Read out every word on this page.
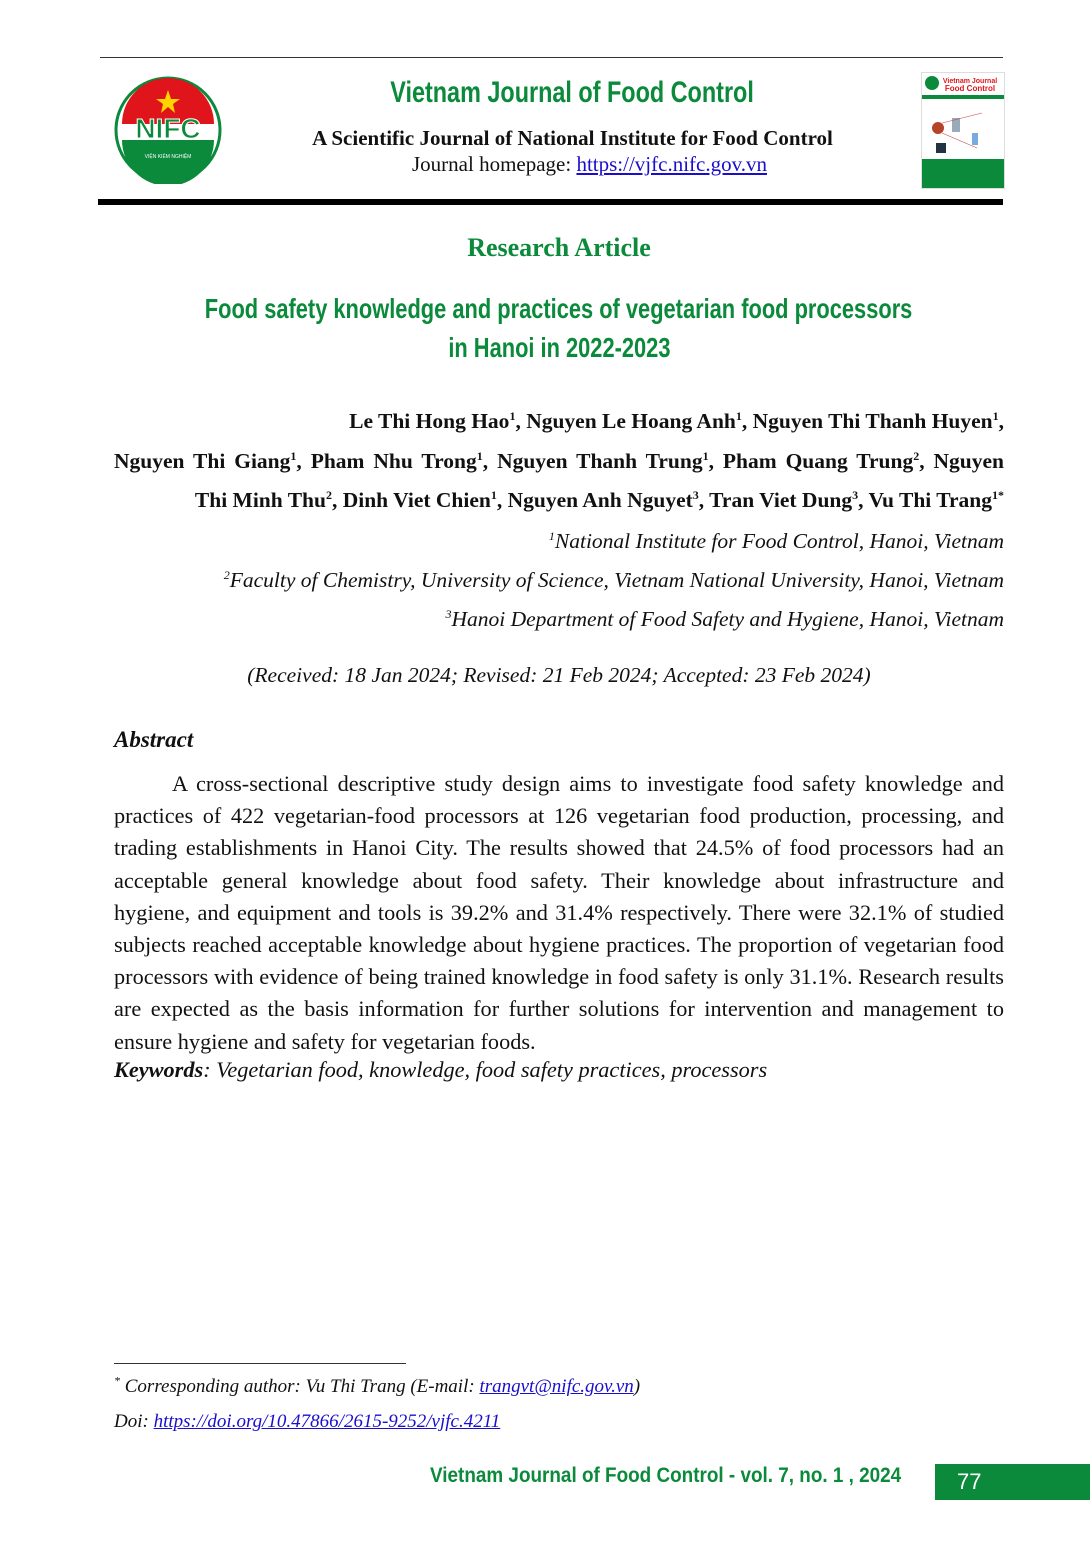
NIFC
VIỆN KIỂM NGHIỆM
Vietnam Journal of Food Control
A Scientific Journal of National Institute for Food Control
Journal homepage: https://vjfc.nifc.gov.vn
Vietnam Journal
Food Control
Research Article
Food safety knowledge and practices of vegetarian food processors
in Hanoi in 2022-2023
Le Thi Hong Hao$^1$, Nguyen Le Hoang Anh$^1$, Nguyen Thi Thanh Huyen$^1$,
Nguyen Thi Giang$^1$, Pham Nhu Trong$^1$, Nguyen Thanh Trung$^1$, Pham Quang Trung$^2$, Nguyen
Thi Minh Thu$^2$, Dinh Viet Chien$^1$, Nguyen Anh Nguyet$^3$, Tran Viet Dung$^3$, Vu Thi Trang$^{1*}$
$^1$National Institute for Food Control, Hanoi, Vietnam
$^2$Faculty of Chemistry, University of Science, Vietnam National University, Hanoi, Vietnam
$^3$Hanoi Department of Food Safety and Hygiene, Hanoi, Vietnam
(Received: 18 Jan 2024; Revised: 21 Feb 2024; Accepted: 23 Feb 2024)
Abstract

A cross-sectional descriptive study design aims to investigate food safety knowledge and practices of 422 vegetarian-food processors at 126 vegetarian food production, processing, and trading establishments in Hanoi City. The results showed that 24.5% of food processors had an acceptable general knowledge about food safety. Their knowledge about infrastructure and hygiene, and equipment and tools is 39.2% and 31.4% respectively. There were 32.1% of studied subjects reached acceptable knowledge about hygiene practices. The proportion of vegetarian food processors with evidence of being trained knowledge in food safety is only 31.1%. Research results are expected as the basis information for further solutions for intervention and management to ensure hygiene and safety for vegetarian foods.

Keywords: Vegetarian food, knowledge, food safety practices, processors
* Corresponding author: Vu Thi Trang (E-mail: trangvt@nifc.gov.vn)
Doi: https://doi.org/10.47866/2615-9252/vjfc.4211
Vietnam Journal of Food Control - vol. 7, no. 1 , 2024	77
